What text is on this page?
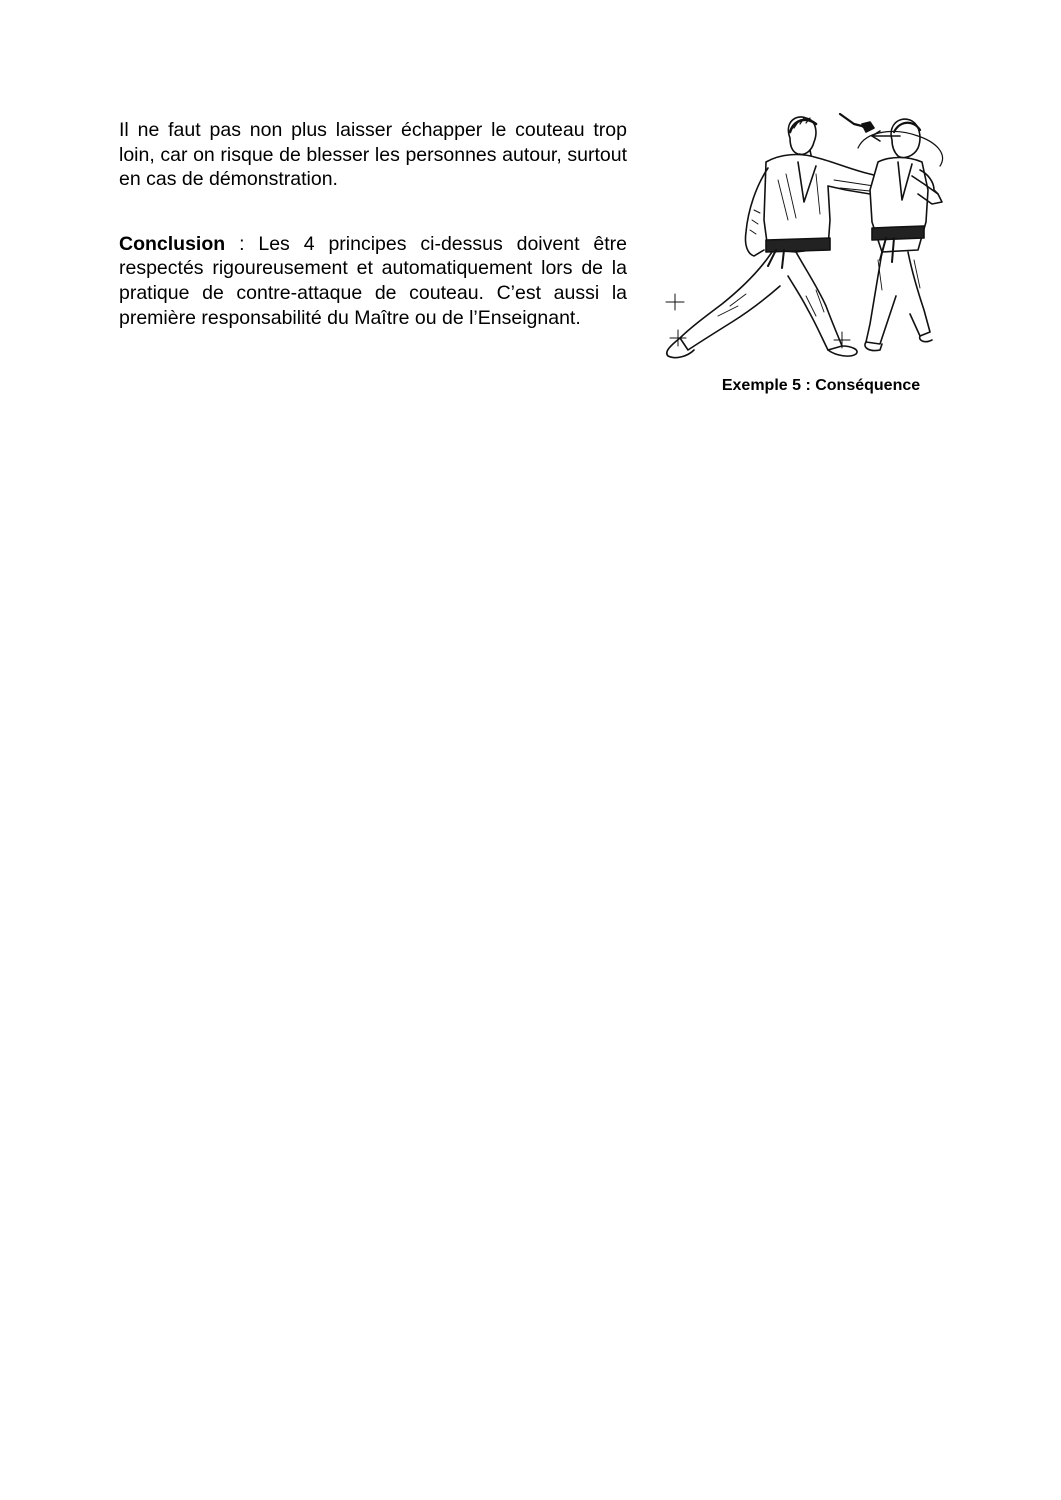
Il ne faut pas non plus laisser échapper le couteau trop loin, car on risque de blesser les personnes autour, surtout en cas de démonstration.

Conclusion : Les 4 principes ci-dessus doivent être respectés rigoureusement et automatiquement lors de la pratique de contre-attaque de couteau. C’est aussi la première responsabilité du Maître ou de l’Enseignant.

Exemple 5 : Conséquence
